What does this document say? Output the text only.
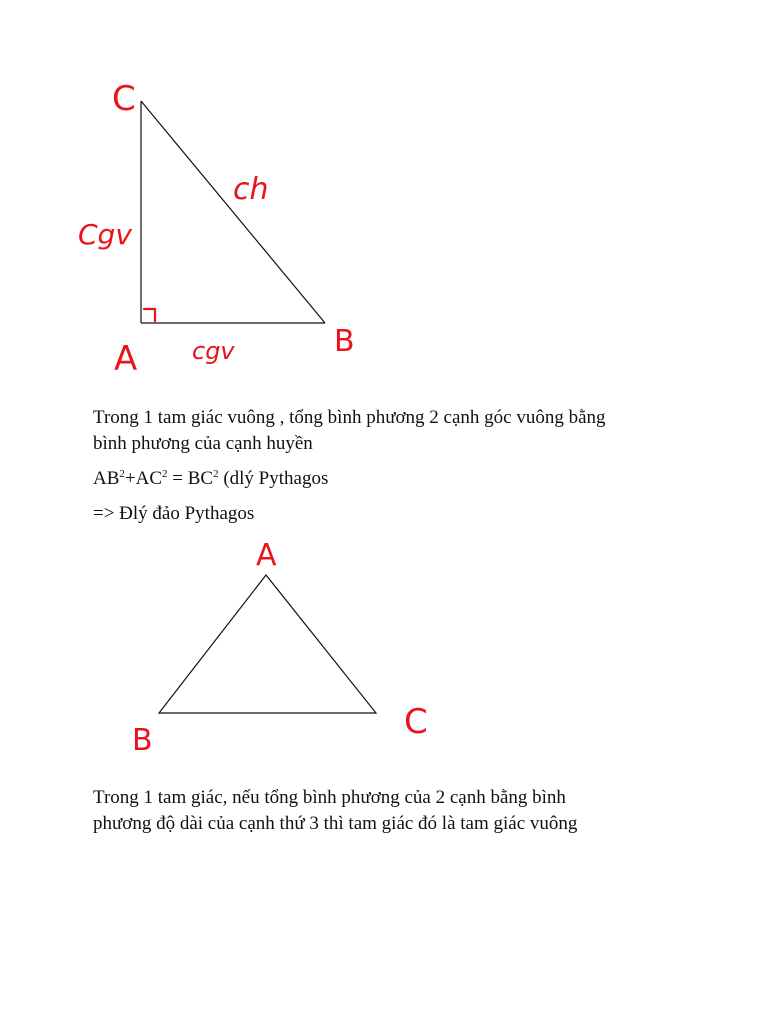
C
A	B
Cgv
cgv
ch

Trong 1 tam giác vuông , tổng bình phương 2 cạnh góc vuông bằng
bình phương của cạnh huyền

$AB^2+AC^2 = BC^2$ (dlý Pythagos

=> Đlý đảo Pythagos

A
B	C

Trong 1 tam giác, nếu tổng bình phương của 2 cạnh bằng bình
phương độ dài của cạnh thứ 3 thì tam giác đó là tam giác vuông
